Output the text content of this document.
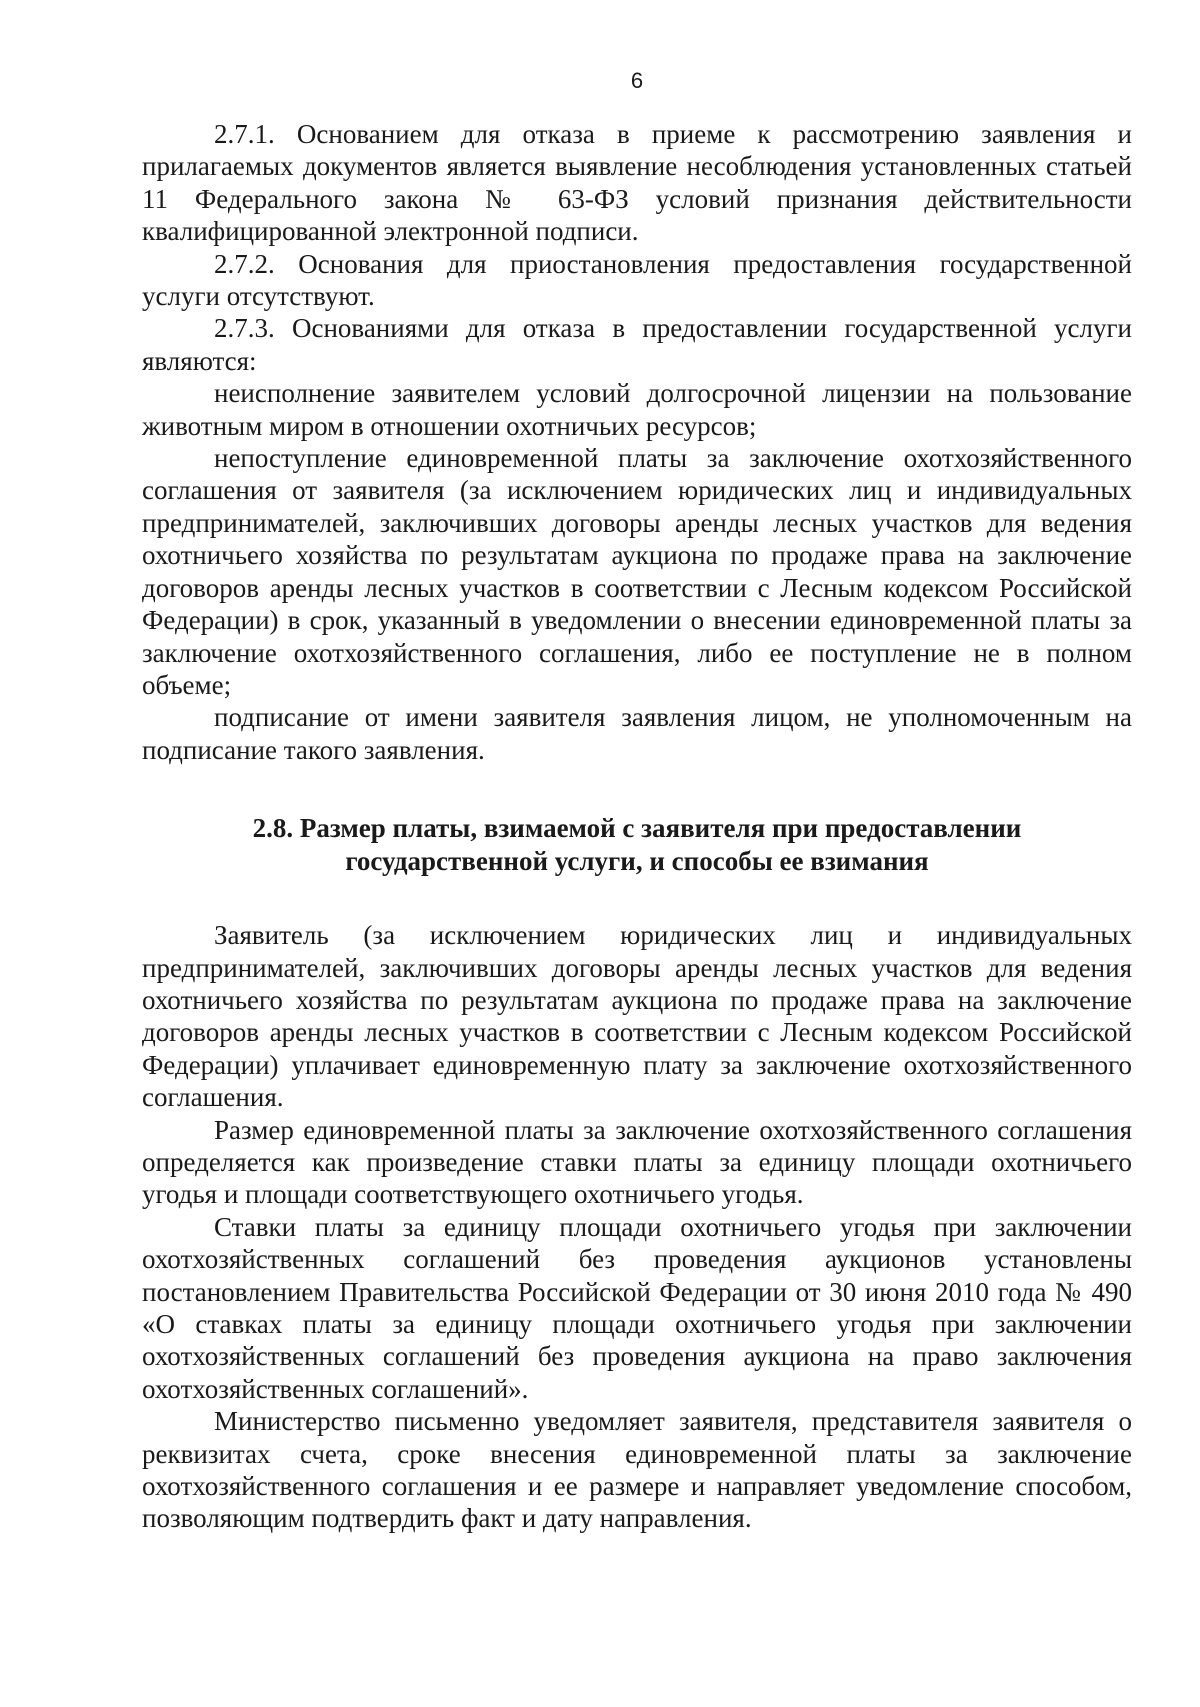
6

2.7.1. Основанием для отказа в приеме к рассмотрению заявления и прилагаемых документов является выявление несоблюдения установленных статьей 11 Федерального закона № 63-ФЗ условий признания действительности квалифицированной электронной подписи.

2.7.2. Основания для приостановления предоставления государственной услуги отсутствуют.

2.7.3. Основаниями для отказа в предоставлении государственной услуги являются:

неисполнение заявителем условий долгосрочной лицензии на пользование животным миром в отношении охотничьих ресурсов;

непоступление единовременной платы за заключение охотхозяйственного соглашения от заявителя (за исключением юридических лиц и индивидуальных предпринимателей, заключивших договоры аренды лесных участков для ведения охотничьего хозяйства по результатам аукциона по продаже права на заключение договоров аренды лесных участков в соответствии с Лесным кодексом Российской Федерации) в срок, указанный в уведомлении о внесении единовременной платы за заключение охотхозяйственного соглашения, либо ее поступление не в полном объеме;

подписание от имени заявителя заявления лицом, не уполномоченным на подписание такого заявления.

2.8. Размер платы, взимаемой с заявителя при предоставлении
государственной услуги, и способы ее взимания

Заявитель (за исключением юридических лиц и индивидуальных предпринимателей, заключивших договоры аренды лесных участков для ведения охотничьего хозяйства по результатам аукциона по продаже права на заключение договоров аренды лесных участков в соответствии с Лесным кодексом Российской Федерации) уплачивает единовременную плату за заключение охотхозяйственного соглашения.

Размер единовременной платы за заключение охотхозяйственного соглашения определяется как произведение ставки платы за единицу площади охотничьего угодья и площади соответствующего охотничьего угодья.

Ставки платы за единицу площади охотничьего угодья при заключении охотхозяйственных соглашений без проведения аукционов установлены постановлением Правительства Российской Федерации от 30 июня 2010 года № 490 «О ставках платы за единицу площади охотничьего угодья при заключении охотхозяйственных соглашений без проведения аукциона на право заключения охотхозяйственных соглашений».

Министерство письменно уведомляет заявителя, представителя заявителя о реквизитах счета, сроке внесения единовременной платы за заключение охотхозяйственного соглашения и ее размере и направляет уведомление способом, позволяющим подтвердить факт и дату направления.
